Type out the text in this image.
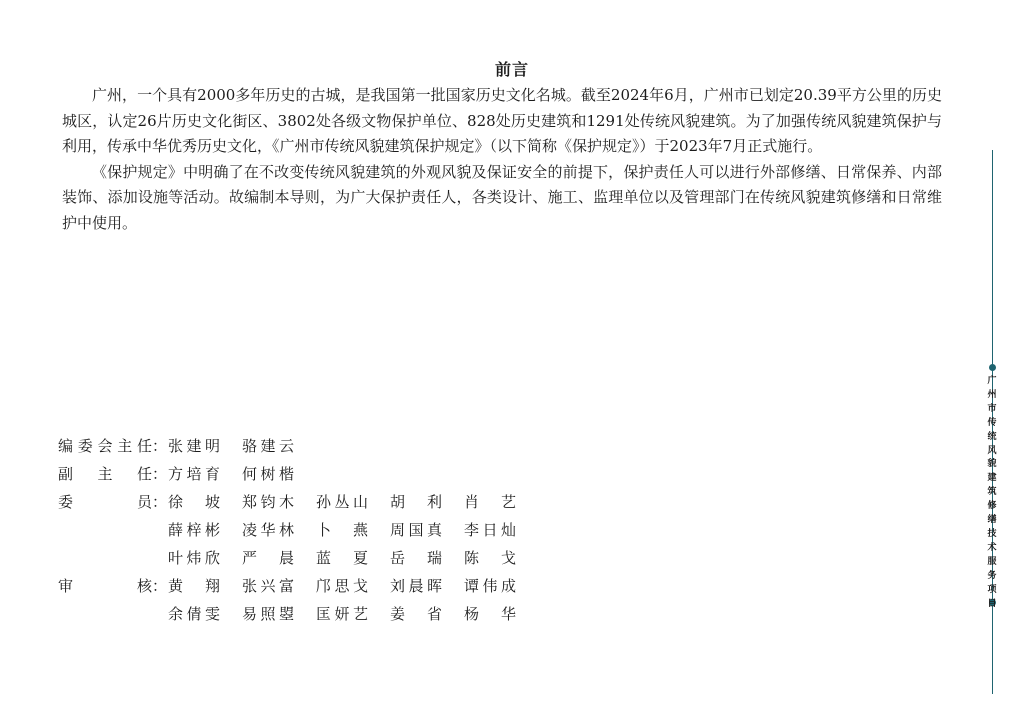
前言

广州，一个具有2000多年历史的古城，是我国第一批国家历史文化名城。截至2024年6月，广州市已划定20.39平方公里的历史城区，认定26片历史文化街区、3802处各级文物保护单位、828处历史建筑和1291处传统风貌建筑。为了加强传统风貌建筑保护与利用，传承中华优秀历史文化，《广州市传统风貌建筑保护规定》（以下简称《保护规定》）于2023年7月正式施行。

《保护规定》中明确了在不改变传统风貌建筑的外观风貌及保证安全的前提下，保护责任人可以进行外部修缮、日常保养、内部装饰、添加设施等活动。故编制本导则，为广大保护责任人，各类设计、施工、监理单位以及管理部门在传统风貌建筑修缮和日常维护中使用。

编 委 会 主 任 ： 张 建 明 骆 建 云
副 主 任 ： 方 培 育 何 树 楷
委	员 ： 徐 坡 郑 钧 木 孙 丛 山 胡 利 肖 艺
薛 梓 彬 凌 华 林 卜 燕 周 国 真 李 日 灿
叶 炜 欣 严 晨 蓝 夏 岳 瑞 陈 戈
审	核 ： 黄 翔 张 兴 富 邝 思 戈 刘 晨 晖 谭 伟 成
余 倩 雯 易 照 曌 匡 妍 艺 姜 省 杨 华
广州市传统风貌建筑修缮技术服务项目
